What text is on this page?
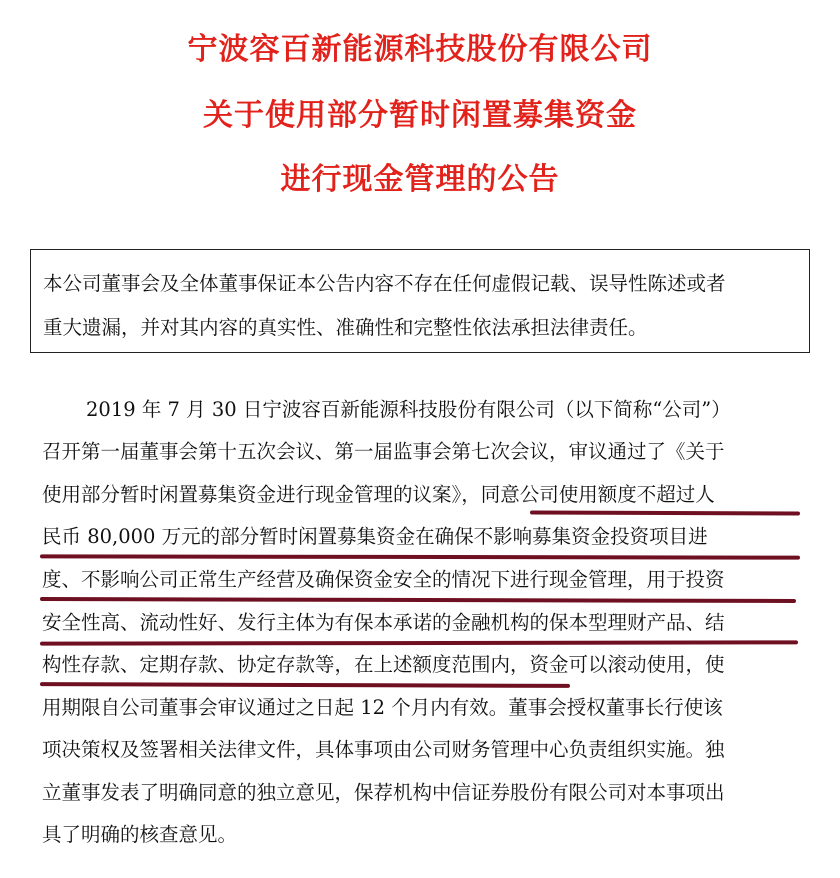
宁波容百新能源科技股份有限公司
关于使用部分暂时闲置募集资金
进行现金管理的公告
本公司董事会及全体董事保证本公告内容不存在任何虚假记载、误导性陈述或者
重大遗漏，并对其内容的真实性、准确性和完整性依法承担法律责任。
2019 年 7 月 30 日宁波容百新能源科技股份有限公司（以下简称“公司”）
召开第一届董事会第十五次会议、第一届监事会第七次会议，审议通过了《关于
使用部分暂时闲置募集资金进行现金管理的议案》，同意公司使用额度不超过人
民币 80,000 万元的部分暂时闲置募集资金在确保不影响募集资金投资项目进
度、不影响公司正常生产经营及确保资金安全的情况下进行现金管理，用于投资
安全性高、流动性好、发行主体为有保本承诺的金融机构的保本型理财产品、结
构性存款、定期存款、协定存款等，在上述额度范围内，资金可以滚动使用，使
用期限自公司董事会审议通过之日起 12 个月内有效。董事会授权董事长行使该
项决策权及签署相关法律文件，具体事项由公司财务管理中心负责组织实施。独
立董事发表了明确同意的独立意见，保荐机构中信证券股份有限公司对本事项出
具了明确的核查意见。
